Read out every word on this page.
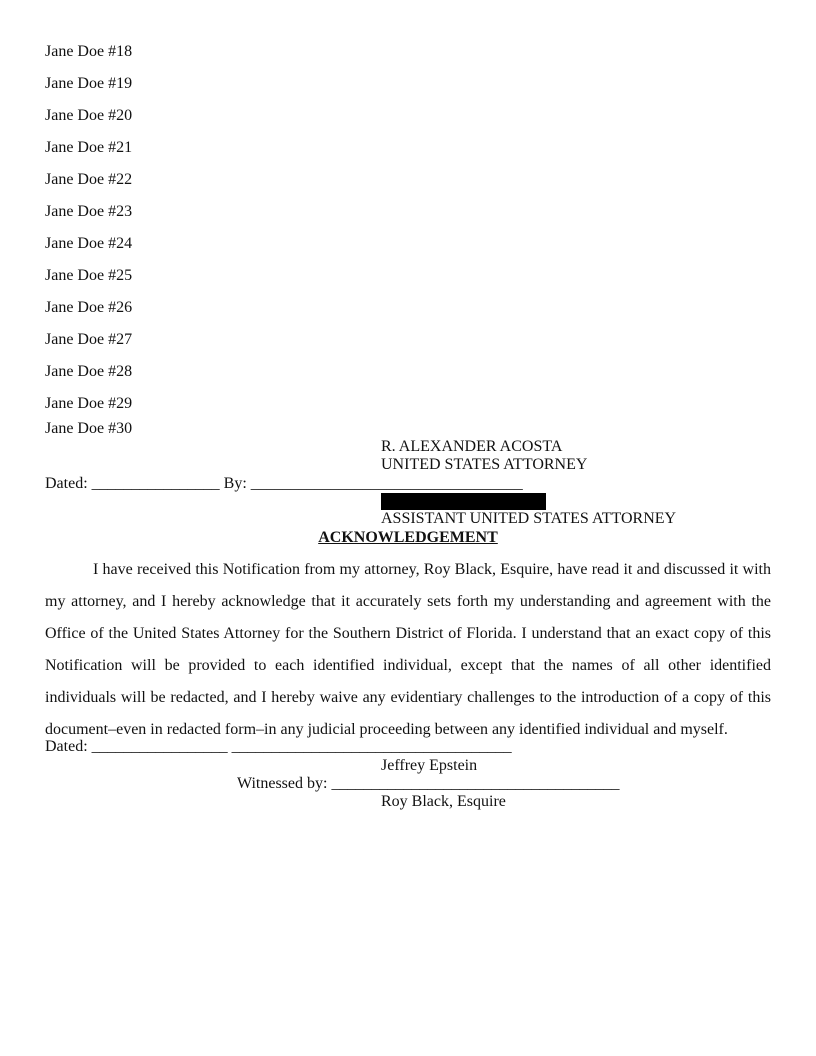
Jane Doe #18
Jane Doe #19
Jane Doe #20
Jane Doe #21
Jane Doe #22
Jane Doe #23
Jane Doe #24
Jane Doe #25
Jane Doe #26
Jane Doe #27
Jane Doe #28
Jane Doe #29
Jane Doe #30
R. ALEXANDER ACOSTA
UNITED STATES ATTORNEY
Dated: ________________ By: __________________________________
ASSISTANT UNITED STATES ATTORNEY
ACKNOWLEDGEMENT

I have received this Notification from my attorney, Roy Black, Esquire, have read it and discussed it with my attorney, and I hereby acknowledge that it accurately sets forth my understanding and agreement with the Office of the United States Attorney for the Southern District of Florida. I understand that an exact copy of this Notification will be provided to each identified individual, except that the names of all other identified individuals will be redacted, and I hereby waive any evidentiary challenges to the introduction of a copy of this document–even in redacted form–in any judicial proceeding between any identified individual and myself.

Dated: _________________ ___________________________________
Jeffrey Epstein
Witnessed by: ____________________________________
Roy Black, Esquire
